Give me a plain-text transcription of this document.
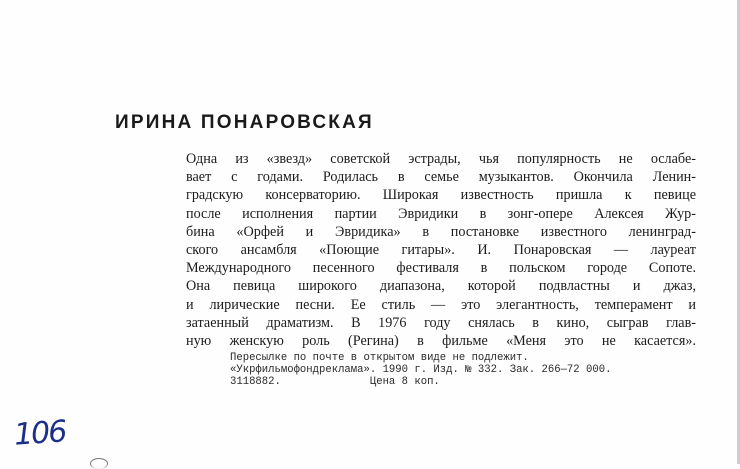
ИРИНА ПОНАРОВСКАЯ
Одна из «звезд» советской эстрады, чья популярность не ослабе-
вает с годами. Родилась в семье музыкантов. Окончила Ленин-
градскую консерваторию. Широкая известность пришла к певице
после исполнения партии Эвридики в зонг-опере Алексея Жур-
бина «Орфей и Эвридика» в постановке известного ленинград-
ского ансамбля «Поющие гитары». И. Понаровская — лауреат
Международного песенного фестиваля в польском городе Сопоте.
Она певица широкого диапазона, которой подвластны и джаз,
и лирические песни. Ее стиль — это элегантность, темперамент и
затаенный драматизм. В 1976 году снялась в кино, сыграв глав-
ную женскую роль (Регина) в фильме «Меня это не касается».
Пересылке по почте в открытом виде не подлежит.
«Укрфильмофондреклама». 1990 г. Изд. № 332. Зак. 266—72 000.
3118882.              Цена 8 коп.
106
